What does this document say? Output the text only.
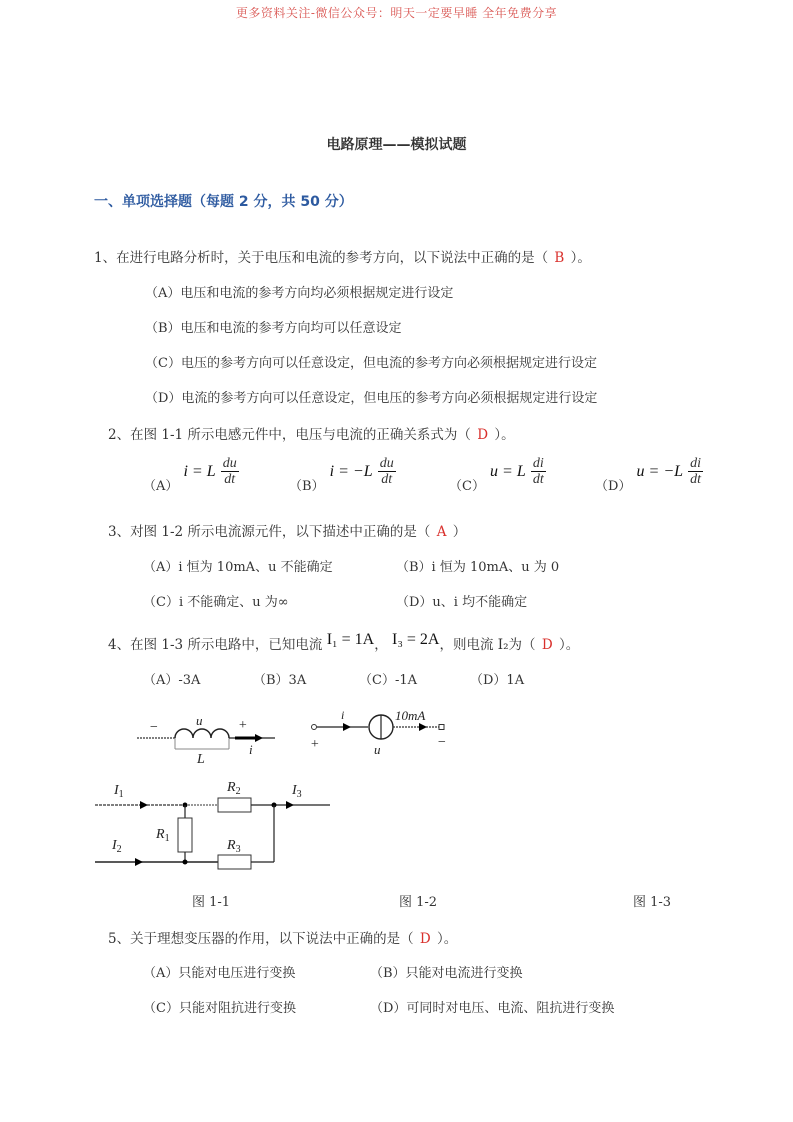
更多资料关注-微信公众号：明天一定要早睡 全年免费分享
电路原理——模拟试题
一、单项选择题（每题 2 分，共 50 分）
1、在进行电路分析时，关于电压和电流的参考方向，以下说法中正确的是（ B ）。
（A）电压和电流的参考方向均必须根据规定进行设定
（B）电压和电流的参考方向均可以任意设定
（C）电压的参考方向可以任意设定，但电流的参考方向必须根据规定进行设定
（D）电流的参考方向可以任意设定，但电压的参考方向必须根据规定进行设定
2、在图 1-1 所示电感元件中，电压与电流的正确关系式为（ D ）。
$_{(A)}$ i = L $\frac{du}{dt}$	$_{(B)}$ $i = -L \frac{du}{dt}$	$_{(C)}$ u = L $\frac{di}{dt}$	$_{(D)}$ $u = -L \frac{di}{dt}$
3、对图 1-2 所示电流源元件，以下描述中正确的是（ A ）
（A）i 恒为 10mA、u 不能确定	（B）i 恒为 10mA、u 为 0
（C）i 不能确定、u 为∞	（D）u、i 均不能确定
4、在图 1-3 所示电路中，已知电流 I₁ = 1A， I₃ = 2A，则电流 I₂为（ D ）。
（A）-3A	（B）3A	（C）-1A	（D）1A
−	u	+
L
i
i	10mA
+	u	−
$I_1$	$R_2$	$I_3$
$R_1$
$I_2$	$R_3$
图 1-1	图 1-2	图 1-3
5、关于理想变压器的作用，以下说法中正确的是（ D ）。
（A）只能对电压进行变换	（B）只能对电流进行变换
（C）只能对阻抗进行变换	（D）可同时对电压、电流、阻抗进行变换
